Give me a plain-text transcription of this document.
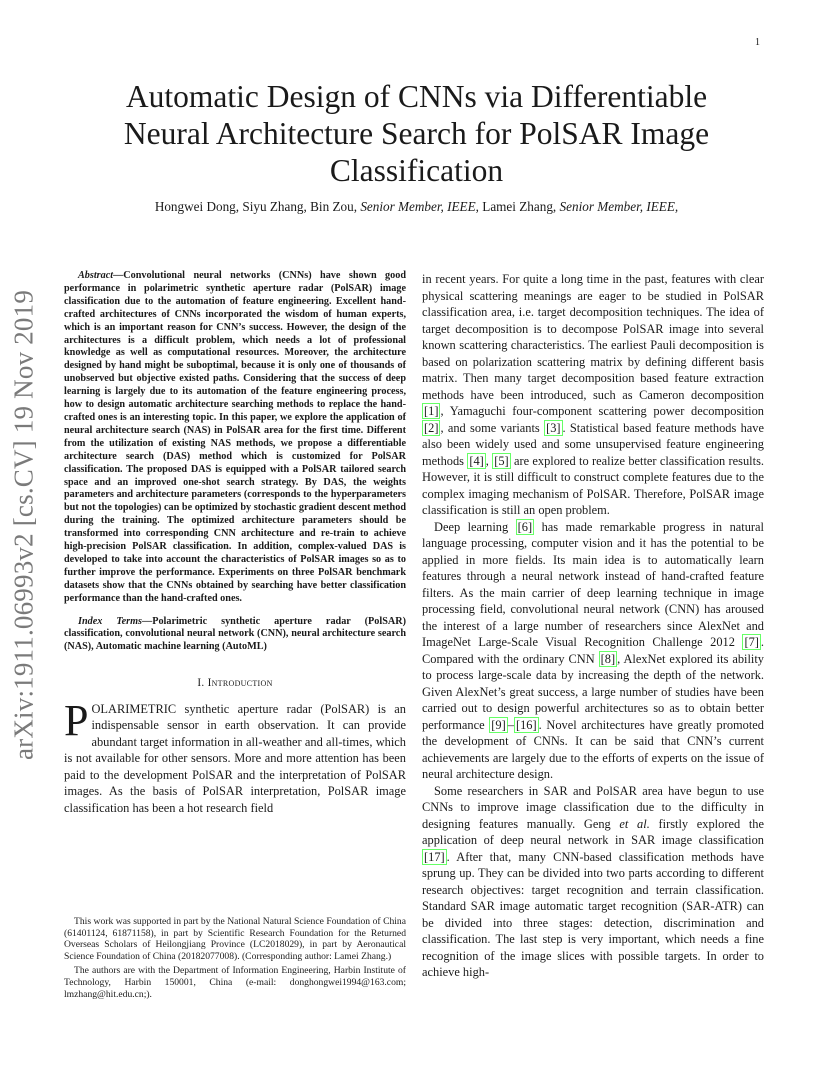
1
arXiv:1911.06993v2 [cs.CV] 19 Nov 2019
Automatic Design of CNNs via Differentiable Neural Architecture Search for PolSAR Image Classification
Hongwei Dong, Siyu Zhang, Bin Zou, Senior Member, IEEE, Lamei Zhang, Senior Member, IEEE,

Abstract—Convolutional neural networks (CNNs) have shown good performance in polarimetric synthetic aperture radar (PolSAR) image classification due to the automation of feature engineering. Excellent hand-crafted architectures of CNNs incorporated the wisdom of human experts, which is an important reason for CNN’s success. However, the design of the architectures is a difficult problem, which needs a lot of professional knowledge as well as computational resources. Moreover, the architecture designed by hand might be suboptimal, because it is only one of thousands of unobserved but objective existed paths. Considering that the success of deep learning is largely due to its automation of the feature engineering process, how to design automatic architecture searching methods to replace the hand-crafted ones is an interesting topic. In this paper, we explore the application of neural architecture search (NAS) in PolSAR area for the first time. Different from the utilization of existing NAS methods, we propose a differentiable architecture search (DAS) method which is customized for PolSAR classification. The proposed DAS is equipped with a PolSAR tailored search space and an improved one-shot search strategy. By DAS, the weights parameters and architecture parameters (corresponds to the hyperparameters but not the topologies) can be optimized by stochastic gradient descent method during the training. The optimized architecture parameters should be transformed into corresponding CNN architecture and re-train to achieve high-precision PolSAR classification. In addition, complex-valued DAS is developed to take into account the characteristics of PolSAR images so as to further improve the performance. Experiments on three PolSAR benchmark datasets show that the CNNs obtained by searching have better classification performance than the hand-crafted ones.

Index Terms—Polarimetric synthetic aperture radar (PolSAR) classification, convolutional neural network (CNN), neural architecture search (NAS), Automatic machine learning (AutoML)

I. Introduction

POLARIMETRIC synthetic aperture radar (PolSAR) is an indispensable sensor in earth observation. It can provide abundant target information in all-weather and all-times, which is not available for other sensors. More and more attention has been paid to the development PolSAR and the interpretation of PolSAR images. As the basis of PolSAR interpretation, PolSAR image classification has been a hot research field

This work was supported in part by the National Natural Science Foundation of China (61401124, 61871158), in part by Scientific Research Foundation for the Returned Overseas Scholars of Heilongjiang Province (LC2018029), in part by Aeronautical Science Foundation of China (20182077008). (Corresponding author: Lamei Zhang.)

The authors are with the Department of Information Engineering, Harbin Institute of Technology, Harbin 150001, China (e-mail: donghongwei1994@163.com; lmzhang@hit.edu.cn;).

in recent years. For quite a long time in the past, features with clear physical scattering meanings are eager to be studied in PolSAR classification area, i.e. target decomposition techniques. The idea of target decomposition is to decompose PolSAR image into several known scattering characteristics. The earliest Pauli decomposition is based on polarization scattering matrix by defining different basis matrix. Then many target decomposition based feature extraction methods have been introduced, such as Cameron decomposition [1] , Yamaguchi four-component scattering power decomposition [2] , and some variants [3] . Statistical based feature methods have also been widely used and some unsupervised feature engineering methods [4] , [5] are explored to realize better classification results. However, it is still difficult to construct complete features due to the complex imaging mechanism of PolSAR. Therefore, PolSAR image classification is still an open problem.

Deep learning [6] has made remarkable progress in natural language processing, computer vision and it has the potential to be applied in more fields. Its main idea is to automatically learn features through a neural network instead of hand-crafted feature filters. As the main carrier of deep learning technique in image processing field, convolutional neural network (CNN) has aroused the interest of a large number of researchers since AlexNet and ImageNet Large-Scale Visual Recognition Challenge 2012 [7] . Compared with the ordinary CNN [8] , AlexNet explored its ability to process large-scale data by increasing the depth of the network. Given AlexNet’s great success, a large number of studies have been carried out to design powerful architectures so as to obtain better performance [9] – [16] . Novel architectures have greatly promoted the development of CNNs. It can be said that CNN’s current achievements are largely due to the efforts of experts on the issue of neural architecture design.

Some researchers in SAR and PolSAR area have begun to use CNNs to improve image classification due to the difficulty in designing features manually. Geng et al. firstly explored the application of deep neural network in SAR image classification [17] . After that, many CNN-based classification methods have sprung up. They can be divided into two parts according to different research objectives: target recognition and terrain classification. Standard SAR image automatic target recognition (SAR-ATR) can be divided into three stages: detection, discrimination and classification. The last step is very important, which needs a fine recognition of the image slices with possible targets. In order to achieve high-
